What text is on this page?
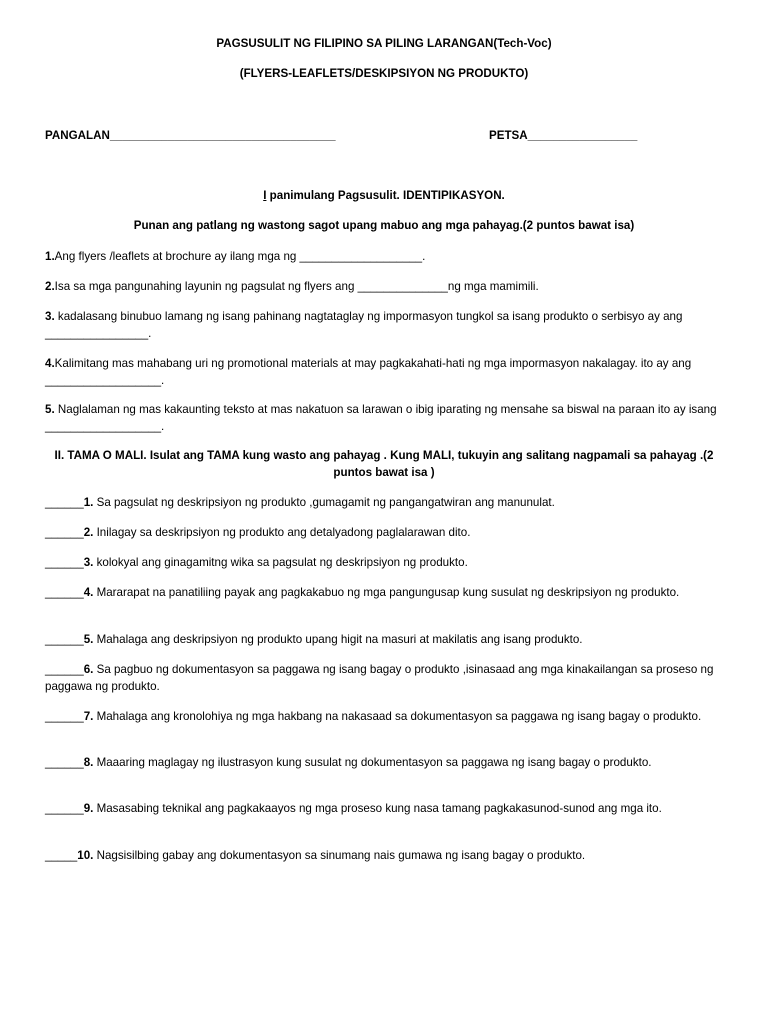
PAGSUSULIT NG FILIPINO SA PILING LARANGAN(Tech-Voc)
(FLYERS-LEAFLETS/DESKIPSIYON NG PRODUKTO)
PANGALAN___________________________________	PETSA_________________
I panimulang Pagsusulit. IDENTIPIKASYON.
Punan ang patlang ng wastong sagot upang mabuo ang mga pahayag.(2 puntos bawat isa)
1.Ang flyers /leaflets at brochure ay ilang mga ng ___________________.
2.Isa sa mga pangunahing layunin ng pagsulat ng flyers ang ______________ng mga mamimili.
3. kadalasang binubuo lamang ng isang pahinang nagtataglay ng impormasyon tungkol sa isang produkto o serbisyo ay ang ________________.
4.Kalimitang mas mahabang uri ng promotional materials at may pagkakahati-hati ng mga impormasyon nakalagay. ito ay ang __________________.
5. Naglalaman ng mas kakaunting teksto at mas nakatuon sa larawan o ibig iparating ng mensahe sa biswal na paraan ito ay isang __________________.
II. TAMA O MALI. Isulat ang TAMA kung wasto ang pahayag . Kung MALI, tukuyin ang salitang nagpamali sa pahayag .(2 puntos bawat isa )
______1. Sa pagsulat ng deskripsiyon ng produkto ,gumagamit ng pangangatwiran ang manunulat.
______2. Inilagay sa deskripsiyon ng produkto ang detalyadong paglalarawan dito.
______3. kolokyal ang ginagamitng wika sa pagsulat ng deskripsiyon ng produkto.
______4. Mararapat na panatiliing payak ang pagkakabuo ng mga pangungusap kung susulat ng deskripsiyon ng produkto.
______5. Mahalaga ang deskripsiyon ng produkto upang higit na masuri at makilatis ang isang produkto.
______6. Sa pagbuo ng dokumentasyon sa paggawa ng isang bagay o produkto ,isinasaad ang mga kinakailangan sa proseso ng paggawa ng produkto.
______7. Mahalaga ang kronolohiya ng mga hakbang na nakasaad sa dokumentasyon sa paggawa ng isang bagay o produkto.
______8. Maaaring maglagay ng ilustrasyon kung susulat ng dokumentasyon sa paggawa ng isang bagay o produkto.
______9. Masasabing teknikal ang pagkakaayos ng mga proseso kung nasa tamang pagkakasunod-sunod ang mga ito.
_____10. Nagsisilbing gabay ang dokumentasyon sa sinumang nais gumawa ng isang bagay o produkto.
